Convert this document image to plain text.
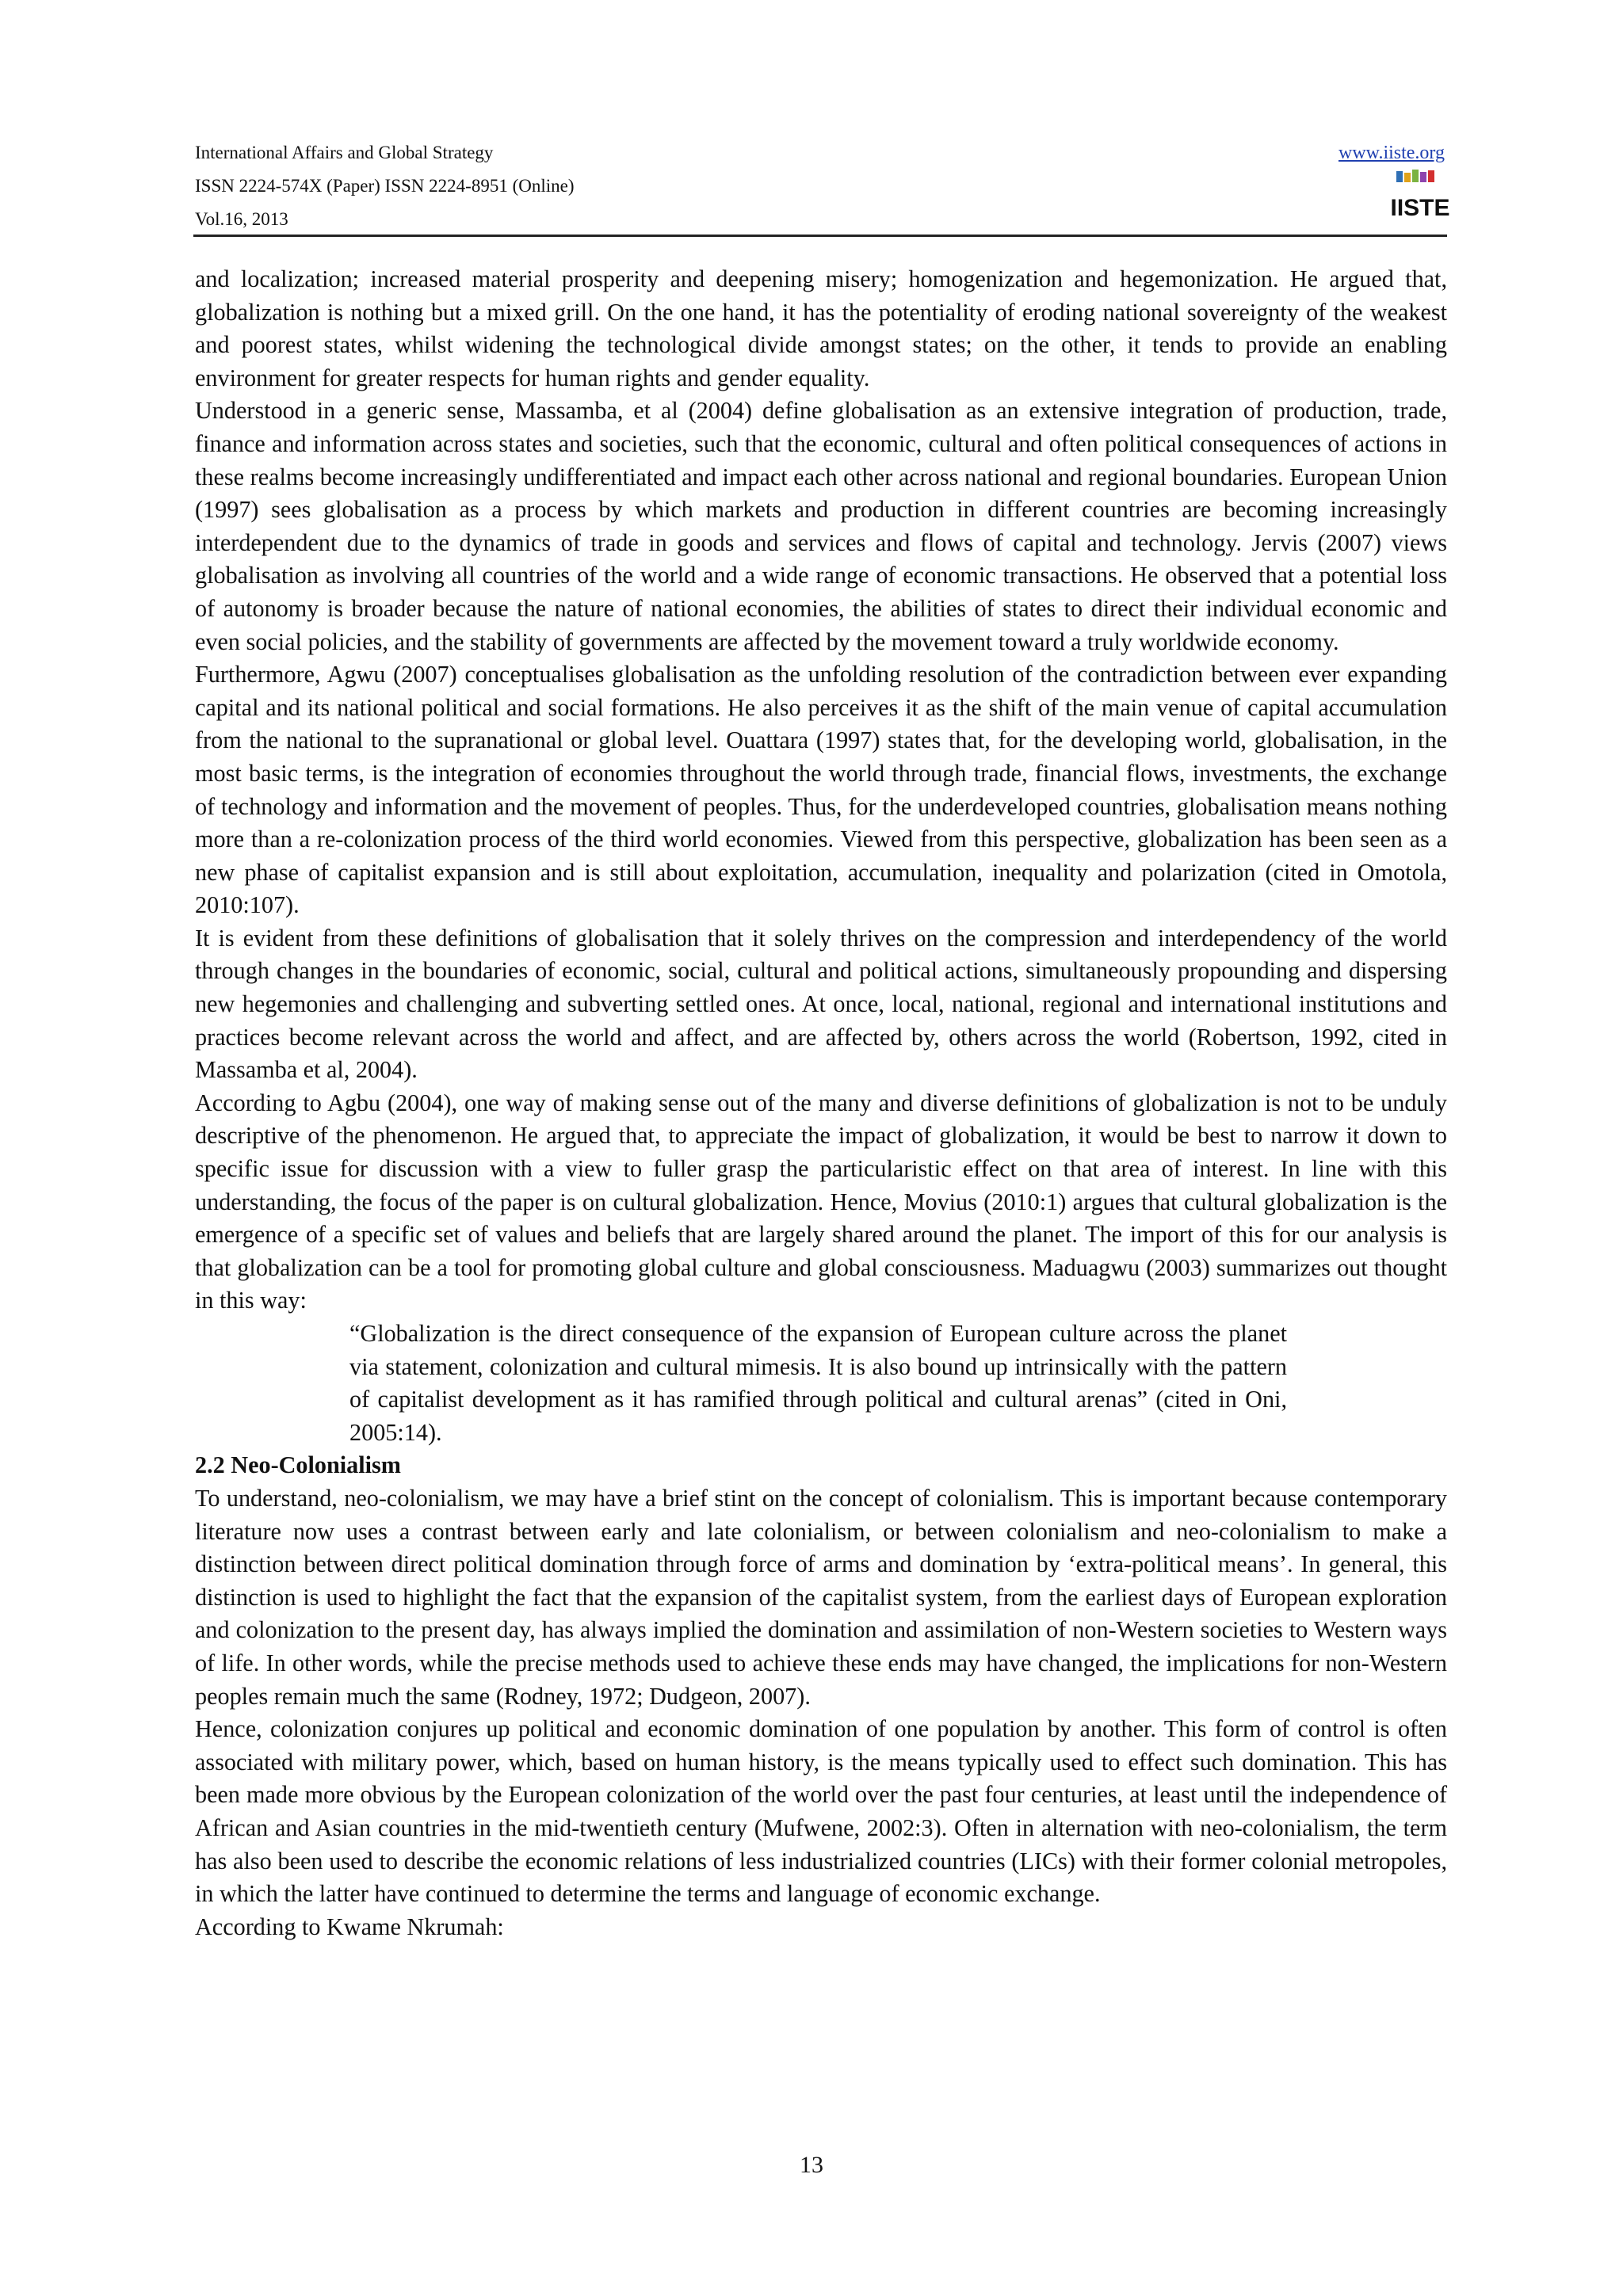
International Affairs and Global Strategy
ISSN 2224-574X (Paper) ISSN 2224-8951 (Online)
Vol.16, 2013
www.iiste.org
IISTE

and localization; increased material prosperity and deepening misery; homogenization and hegemonization. He argued that, globalization is nothing but a mixed grill. On the one hand, it has the potentiality of eroding national sovereignty of the weakest and poorest states, whilst widening the technological divide amongst states; on the other, it tends to provide an enabling environment for greater respects for human rights and gender equality.

Understood in a generic sense, Massamba, et al (2004) define globalisation as an extensive integration of production, trade, finance and information across states and societies, such that the economic, cultural and often political consequences of actions in these realms become increasingly undifferentiated and impact each other across national and regional boundaries. European Union (1997) sees globalisation as a process by which markets and production in different countries are becoming increasingly interdependent due to the dynamics of trade in goods and services and flows of capital and technology. Jervis (2007) views globalisation as involving all countries of the world and a wide range of economic transactions. He observed that a potential loss of autonomy is broader because the nature of national economies, the abilities of states to direct their individual economic and even social policies, and the stability of governments are affected by the movement toward a truly worldwide economy.

Furthermore, Agwu (2007) conceptualises globalisation as the unfolding resolution of the contradiction between ever expanding capital and its national political and social formations. He also perceives it as the shift of the main venue of capital accumulation from the national to the supranational or global level. Ouattara (1997) states that, for the developing world, globalisation, in the most basic terms, is the integration of economies throughout the world through trade, financial flows, investments, the exchange of technology and information and the movement of peoples. Thus, for the underdeveloped countries, globalisation means nothing more than a re-colonization process of the third world economies. Viewed from this perspective, globalization has been seen as a new phase of capitalist expansion and is still about exploitation, accumulation, inequality and polarization (cited in Omotola, 2010:107).

It is evident from these definitions of globalisation that it solely thrives on the compression and interdependency of the world through changes in the boundaries of economic, social, cultural and political actions, simultaneously propounding and dispersing new hegemonies and challenging and subverting settled ones. At once, local, national, regional and international institutions and practices become relevant across the world and affect, and are affected by, others across the world (Robertson, 1992, cited in Massamba et al, 2004).

According to Agbu (2004), one way of making sense out of the many and diverse definitions of globalization is not to be unduly descriptive of the phenomenon. He argued that, to appreciate the impact of globalization, it would be best to narrow it down to specific issue for discussion with a view to fuller grasp the particularistic effect on that area of interest. In line with this understanding, the focus of the paper is on cultural globalization. Hence, Movius (2010:1) argues that cultural globalization is the emergence of a specific set of values and beliefs that are largely shared around the planet. The import of this for our analysis is that globalization can be a tool for promoting global culture and global consciousness. Maduagwu (2003) summarizes out thought in this way:

“Globalization is the direct consequence of the expansion of European culture across the planet via statement, colonization and cultural mimesis. It is also bound up intrinsically with the pattern of capitalist development as it has ramified through political and cultural arenas” (cited in Oni, 2005:14).

2.2 Neo-Colonialism

To understand, neo-colonialism, we may have a brief stint on the concept of colonialism. This is important because contemporary literature now uses a contrast between early and late colonialism, or between colonialism and neo-colonialism to make a distinction between direct political domination through force of arms and domination by ‘extra-political means’. In general, this distinction is used to highlight the fact that the expansion of the capitalist system, from the earliest days of European exploration and colonization to the present day, has always implied the domination and assimilation of non-Western societies to Western ways of life. In other words, while the precise methods used to achieve these ends may have changed, the implications for non-Western peoples remain much the same (Rodney, 1972; Dudgeon, 2007).

Hence, colonization conjures up political and economic domination of one population by another. This form of control is often associated with military power, which, based on human history, is the means typically used to effect such domination. This has been made more obvious by the European colonization of the world over the past four centuries, at least until the independence of African and Asian countries in the mid-twentieth century (Mufwene, 2002:3). Often in alternation with neo-colonialism, the term has also been used to describe the economic relations of less industrialized countries (LICs) with their former colonial metropoles, in which the latter have continued to determine the terms and language of economic exchange.

According to Kwame Nkrumah:

13
